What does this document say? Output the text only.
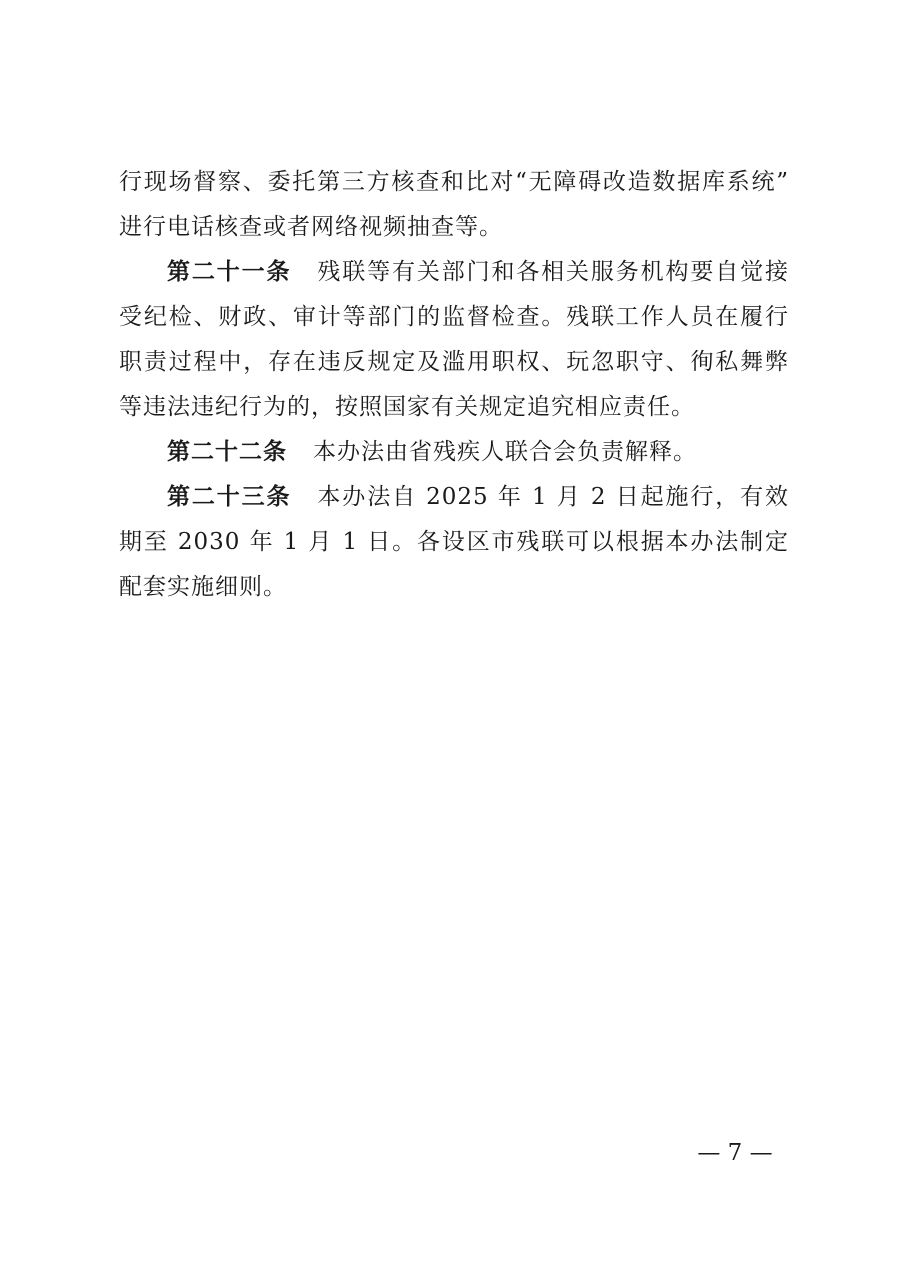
行现场督察、委托第三方核查和比对“无障碍改造数据库系统”
进行电话核查或者网络视频抽查等。

第二十一条 残联等有关部门和各相关服务机构要自觉接受纪检、财政、审计等部门的监督检查。残联工作人员在履行职责过程中，存在违反规定及滥用职权、玩忽职守、徇私舞弊等违法违纪行为的，按照国家有关规定追究相应责任。

第二十二条 本办法由省残疾人联合会负责解释。

第二十三条 本办法自 2025 年 1 月 2 日起施行，有效期至 2030 年 1 月 1 日。各设区市残联可以根据本办法制定配套实施细则。

— 7 —
